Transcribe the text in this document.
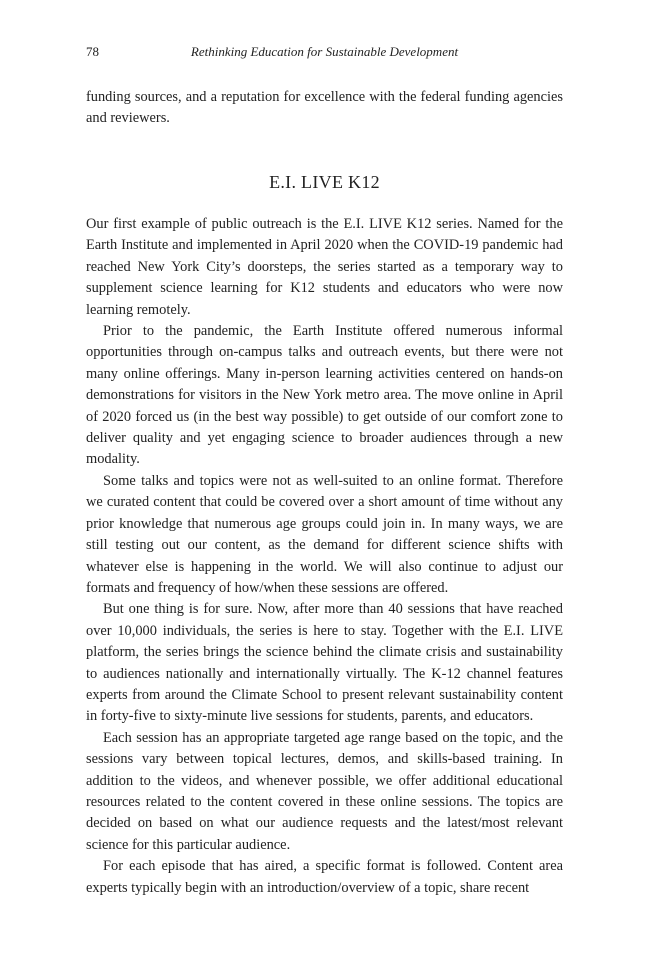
78	Rethinking Education for Sustainable Development

funding sources, and a reputation for excellence with the federal funding agencies and reviewers.

E.I. LIVE K12

Our first example of public outreach is the E.I. LIVE K12 series. Named for the Earth Institute and implemented in April 2020 when the COVID-19 pandemic had reached New York City’s doorsteps, the series started as a temporary way to supplement science learning for K12 students and educators who were now learning remotely.

Prior to the pandemic, the Earth Institute offered numerous informal opportunities through on-campus talks and outreach events, but there were not many online offerings. Many in-person learning activities centered on hands-on demonstrations for visitors in the New York metro area. The move online in April of 2020 forced us (in the best way possible) to get outside of our comfort zone to deliver quality and yet engaging science to broader audiences through a new modality.

Some talks and topics were not as well-suited to an online format. Therefore we curated content that could be covered over a short amount of time without any prior knowledge that numerous age groups could join in. In many ways, we are still testing out our content, as the demand for different science shifts with whatever else is happening in the world. We will also continue to adjust our formats and frequency of how/when these sessions are offered.

But one thing is for sure. Now, after more than 40 sessions that have reached over 10,000 individuals, the series is here to stay. Together with the E.I. LIVE platform, the series brings the science behind the climate crisis and sustainability to audiences nationally and internationally virtually. The K-12 channel features experts from around the Climate School to present relevant sustainability content in forty-five to sixty-minute live sessions for students, parents, and educators.

Each session has an appropriate targeted age range based on the topic, and the sessions vary between topical lectures, demos, and skills-based training. In addition to the videos, and whenever possible, we offer additional educational resources related to the content covered in these online sessions. The topics are decided on based on what our audience requests and the latest/most relevant science for this particular audience.

For each episode that has aired, a specific format is followed. Content area experts typically begin with an introduction/overview of a topic, share recent
